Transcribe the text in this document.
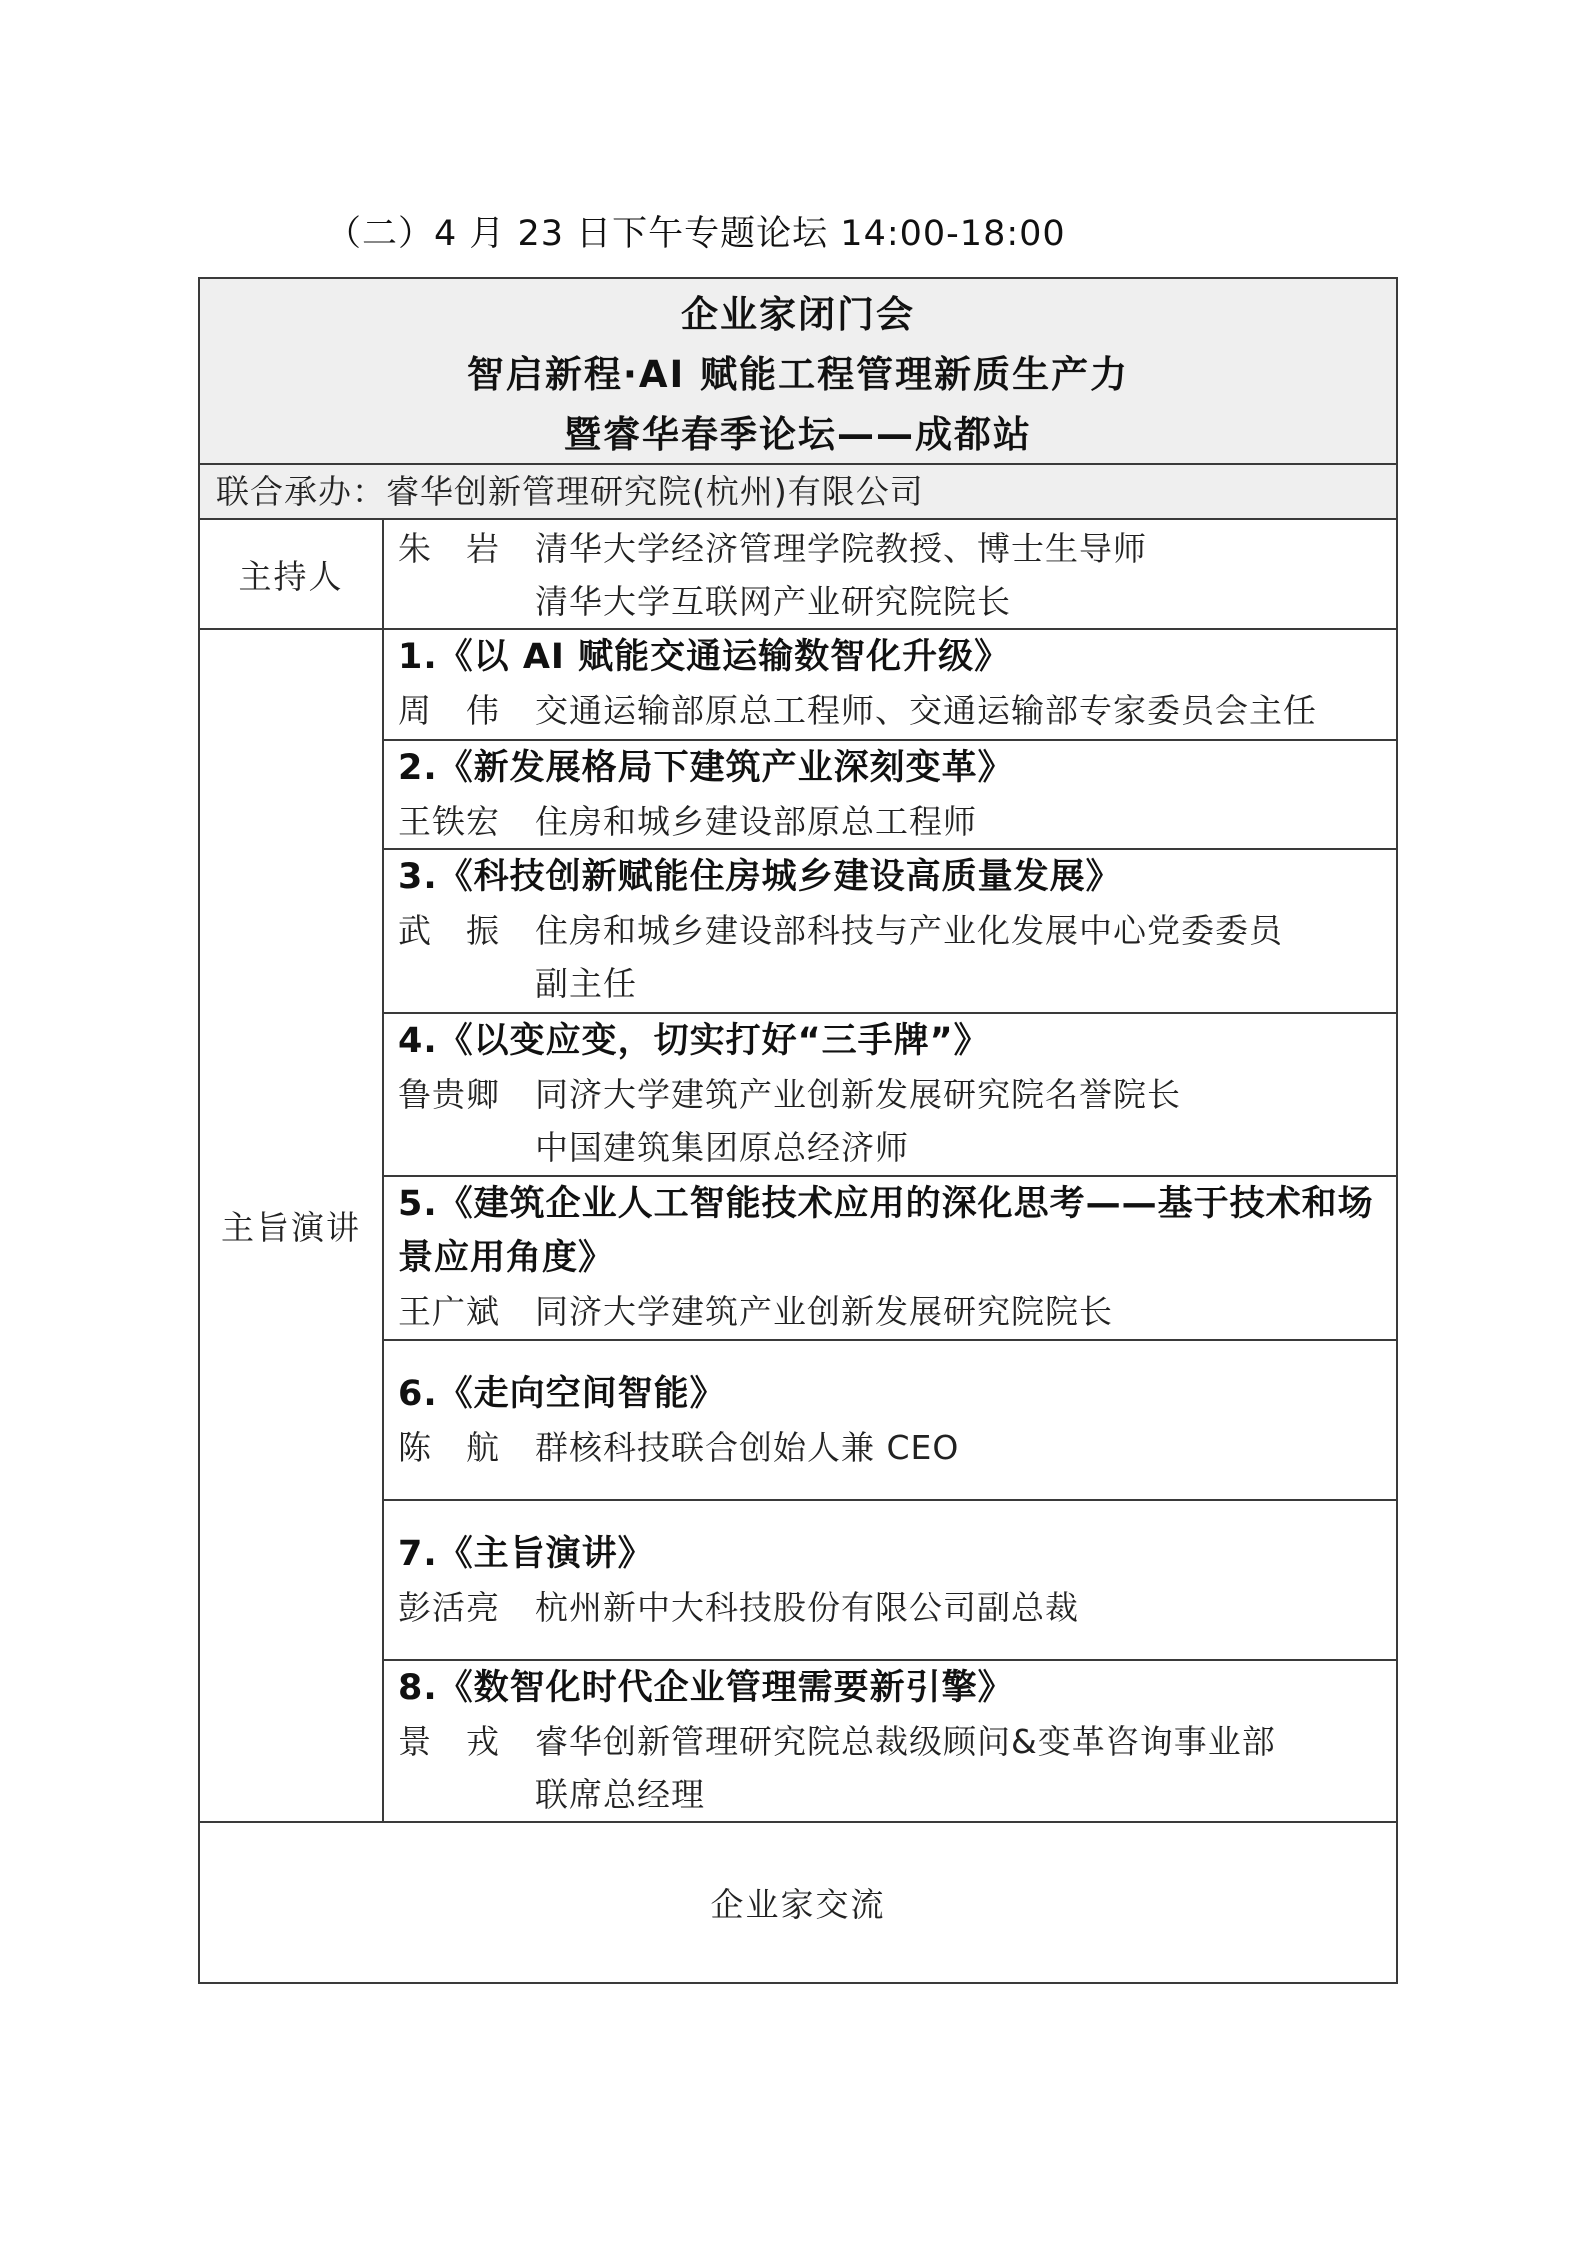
（二）4 月 23 日下午专题论坛 14:00-18:00
企业家闭门会
智启新程·AI 赋能工程管理新质生产力
暨睿华春季论坛——成都站
联合承办：睿华创新管理研究院(杭州)有限公司
主持人
朱　岩	清华大学经济管理学院教授、博士生导师
清华大学互联网产业研究院院长
主旨演讲
1.《以 AI 赋能交通运输数智化升级》
周　伟	交通运输部原总工程师、交通运输部专家委员会主任
2.《新发展格局下建筑产业深刻变革》
王铁宏	住房和城乡建设部原总工程师
3.《科技创新赋能住房城乡建设高质量发展》
武　振	住房和城乡建设部科技与产业化发展中心党委委员
副主任
4.《以变应变，切实打好“三手牌”》
鲁贵卿	同济大学建筑产业创新发展研究院名誉院长
中国建筑集团原总经济师
5.《建筑企业人工智能技术应用的深化思考——基于技术和场景应用角度》
王广斌	同济大学建筑产业创新发展研究院院长
6.《走向空间智能》
陈　航	群核科技联合创始人兼 CEO
7.《主旨演讲》
彭活亮	杭州新中大科技股份有限公司副总裁
8.《数智化时代企业管理需要新引擎》
景　戎	睿华创新管理研究院总裁级顾问&变革咨询事业部
联席总经理
企业家交流
